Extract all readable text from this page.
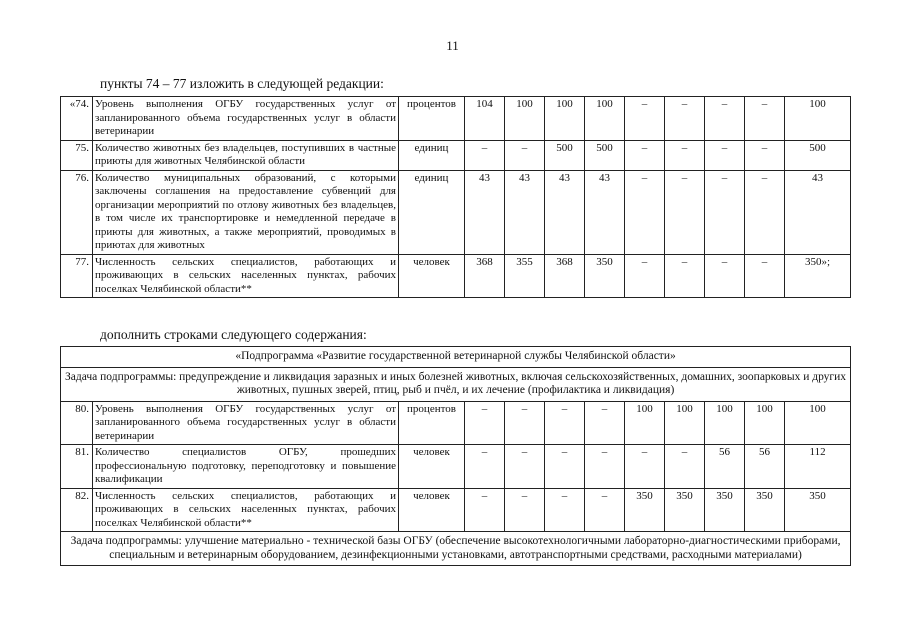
11
пункты 74 – 77 изложить в следующей редакции:
«74.	Уровень выполнения ОГБУ государственных услуг от запланированного объема государственных услуг в области ветеринарии	процентов	104	100	100	100	–	–	–	–	100
75.	Количество животных без владельцев, поступивших в частные приюты для животных Челябинской области	единиц	–	–	500	500	–	–	–	–	500
76.	Количество муниципальных образований, с которыми заключены соглашения на предоставление субвенций для организации мероприятий по отлову животных без владельцев, в том числе их транспортировке и немедленной передаче в приюты для животных, а также мероприятий, проводимых в приютах для животных	единиц	43	43	43	43	–	–	–	–	43
77.	Численность сельских специалистов, работающих и проживающих в сельских населенных пунктах, рабочих поселках Челябинской области**	человек	368	355	368	350	–	–	–	–	350»;
дополнить строками следующего содержания:
«Подпрограмма «Развитие государственной ветеринарной службы Челябинской области»											
Задача подпрограммы: предупреждение и ликвидация заразных и иных болезней животных, включая сельскохозяйственных, домашних, зоопарковых и других животных, пушных зверей, птиц, рыб и пчёл, и их лечение (профилактика и ликвидация)											
80.	Уровень выполнения ОГБУ государственных услуг от запланированного объема государственных услуг в области ветеринарии	процентов	–	–	–	–	100	100	100	100	100
81.	Количество специалистов ОГБУ, прошедших профессиональную подготовку, переподготовку и повышение квалификации	человек	–	–	–	–	–	–	56	56	112
82.	Численность сельских специалистов, работающих и проживающих в сельских населенных пунктах, рабочих поселках Челябинской области**	человек	–	–	–	–	350	350	350	350	350
Задача подпрограммы: улучшение материально - технической базы ОГБУ (обеспечение высокотехнологичными лабораторно-диагностическими приборами, специальным и ветеринарным оборудованием, дезинфекционными установками, автотранспортными средствами, расходными материалами)											
